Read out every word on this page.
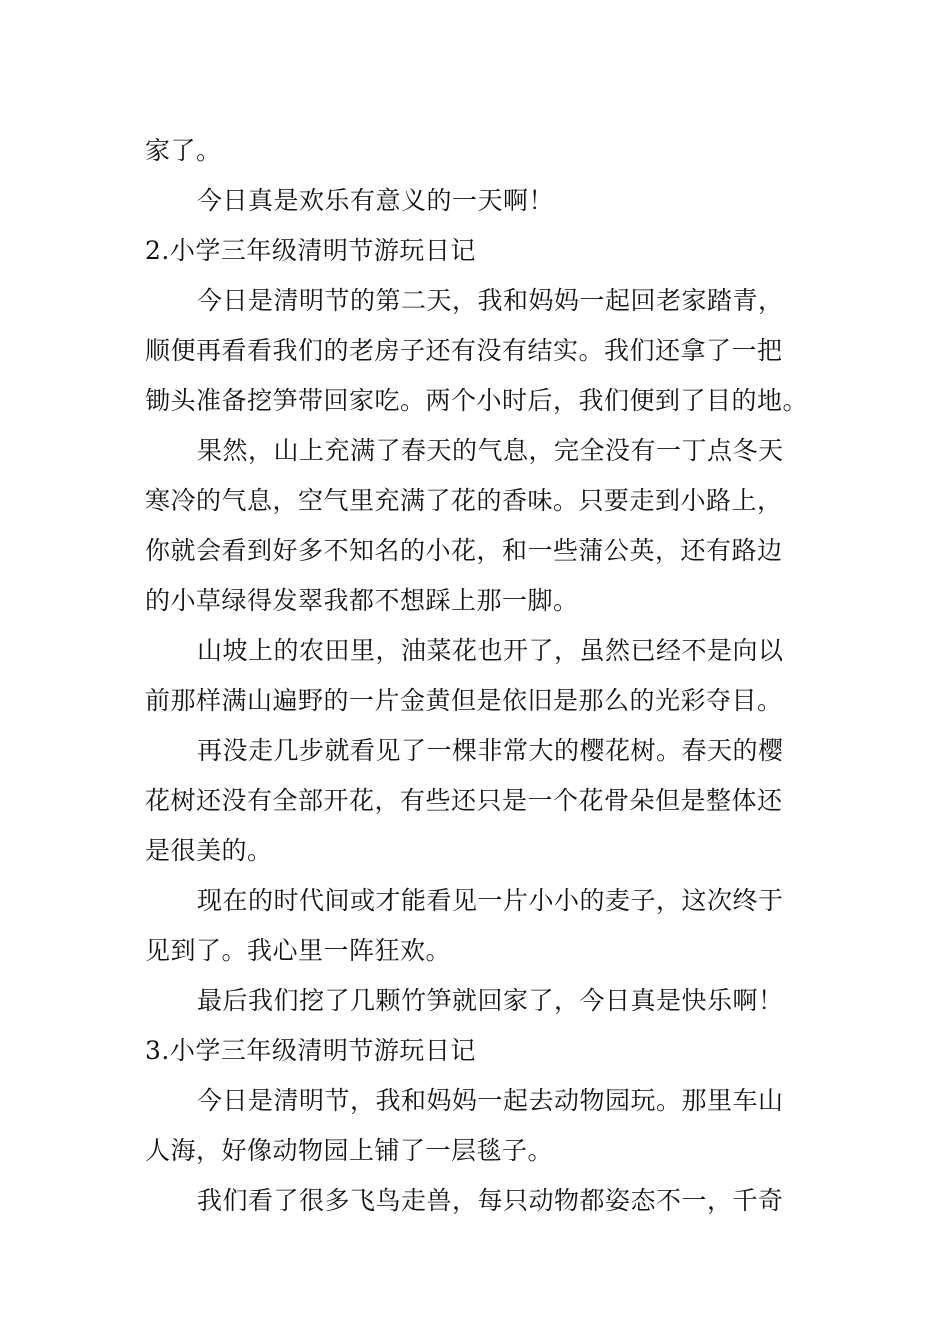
家了。
今日真是欢乐有意义的一天啊！
2.小学三年级清明节游玩日记
今日是清明节的第二天，我和妈妈一起回老家踏青，
顺便再看看我们的老房子还有没有结实。我们还拿了一把
锄头准备挖笋带回家吃。两个小时后，我们便到了目的地。
果然，山上充满了春天的气息，完全没有一丁点冬天
寒冷的气息，空气里充满了花的香味。只要走到小路上，
你就会看到好多不知名的小花，和一些蒲公英，还有路边
的小草绿得发翠我都不想踩上那一脚。
山坡上的农田里，油菜花也开了，虽然已经不是向以
前那样满山遍野的一片金黄但是依旧是那么的光彩夺目。
再没走几步就看见了一棵非常大的樱花树。春天的樱
花树还没有全部开花，有些还只是一个花骨朵但是整体还
是很美的。
现在的时代间或才能看见一片小小的麦子，这次终于
见到了。我心里一阵狂欢。
最后我们挖了几颗竹笋就回家了，今日真是快乐啊！
3.小学三年级清明节游玩日记
今日是清明节，我和妈妈一起去动物园玩。那里车山
人海，好像动物园上铺了一层毯子。
我们看了很多飞鸟走兽，每只动物都姿态不一，千奇
